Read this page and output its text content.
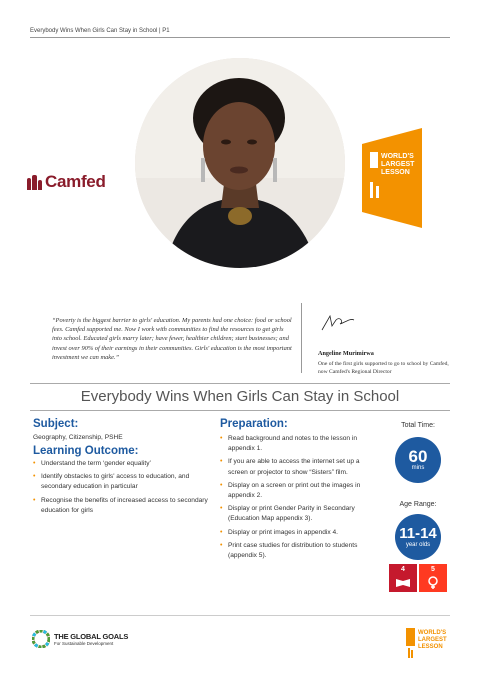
Everybody Wins When Girls Can Stay in School | P1
Camfed
WORLD'S
LARGEST
LESSON
“Poverty is the biggest barrier to girls' education. My parents had one choice: food or school fees. Camfed supported me. Now I work with communities to find the resources to get girls into school. Educated girls marry later; have fewer, healthier children; start businesses; and invest over 90% of their earnings in their communities. Girls' education is the most important investment we can make.”
Angeline Murimirwa
One of the first girls supported to go to school by Camfed, now Camfed's Regional Director
Everybody Wins When Girls Can Stay in School
Subject:
Geography, Citizenship, PSHE
Learning Outcome:
• Understand the term ‘gender equality’
• Identify obstacles to girls' access to education, and secondary education in particular
• Recognise the benefits of increased access to secondary education for girls
Preparation:
• Read background and notes to the lesson in appendix 1.
• If you are able to access the internet set up a screen or projector to show “Sisters” film.
• Display on a screen or print out the images in appendix 2.
• Display or print Gender Parity in Secondary (Education Map appendix 3).
• Display or print images in appendix 4.
• Print case studies for distribution to students (appendix 5).
Total Time:
60
mins
Age Range:
11-14
year olds
4	5
THE GLOBAL GOALS
For Sustainable Development
WORLD'S
LARGEST
LESSON
